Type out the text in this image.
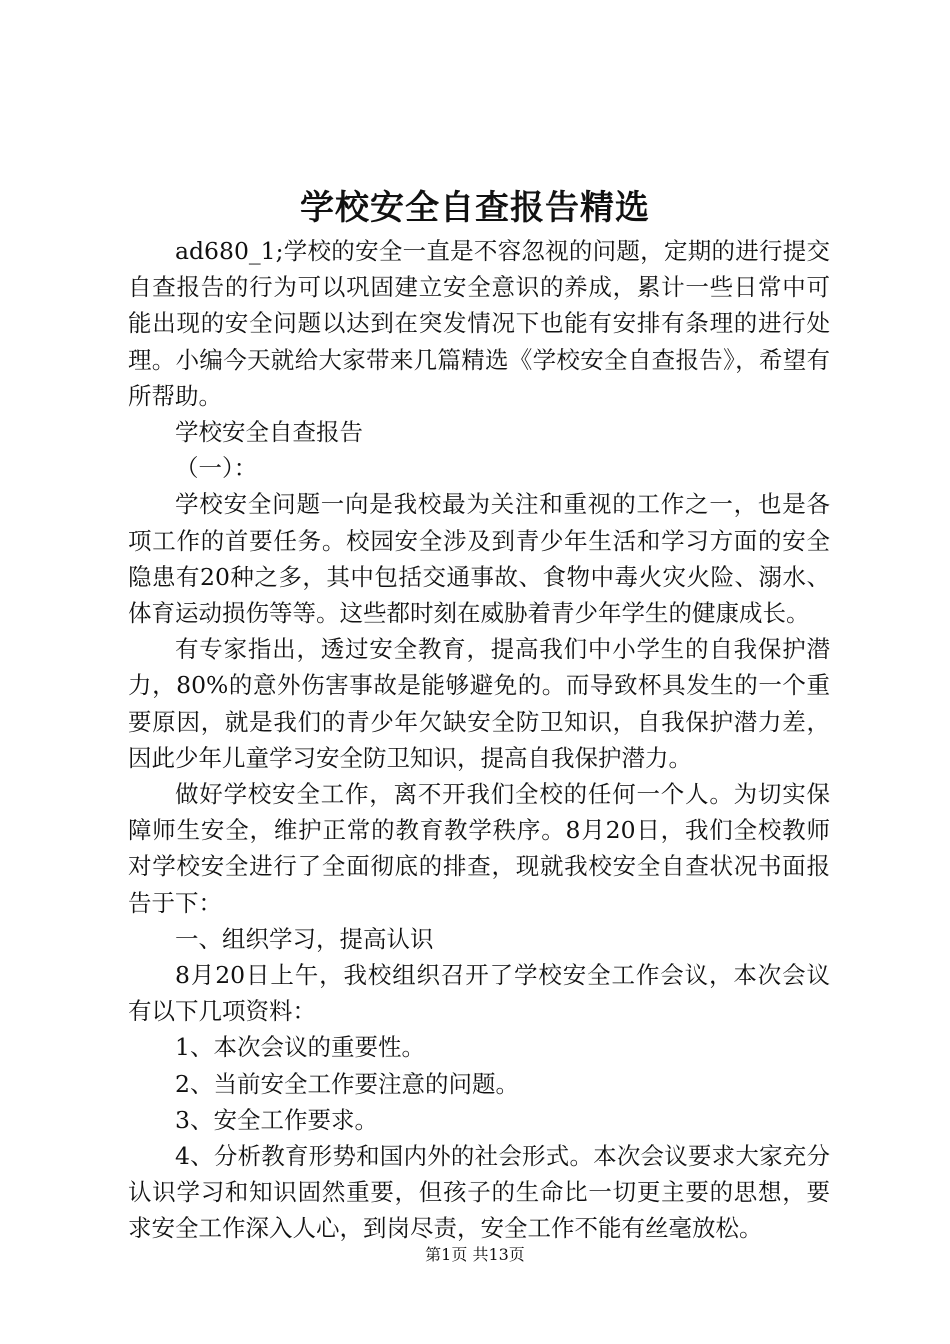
学校安全自查报告精选

ad680_1;学校的安全一直是不容忽视的问题，定期的进行提交自查报告的行为可以巩固建立安全意识的养成，累计一些日常中可能出现的安全问题以达到在突发情况下也能有安排有条理的进行处理。小编今天就给大家带来几篇精选《学校安全自查报告》，希望有所帮助。

学校安全自查报告

（一）：

学校安全问题一向是我校最为关注和重视的工作之一，也是各项工作的首要任务。校园安全涉及到青少年生活和学习方面的安全隐患有20种之多，其中包括交通事故、食物中毒火灾火险、溺水、体育运动损伤等等。这些都时刻在威胁着青少年学生的健康成长。

有专家指出，透过安全教育，提高我们中小学生的自我保护潜力，80%的意外伤害事故是能够避免的。而导致杯具发生的一个重要原因，就是我们的青少年欠缺安全防卫知识，自我保护潜力差，因此少年儿童学习安全防卫知识，提高自我保护潜力。

做好学校安全工作，离不开我们全校的任何一个人。为切实保障师生安全，维护正常的教育教学秩序。8月20日，我们全校教师对学校安全进行了全面彻底的排查，现就我校安全自查状况书面报告于下：

一、组织学习，提高认识

8月20日上午，我校组织召开了学校安全工作会议，本次会议有以下几项资料：

1、本次会议的重要性。

2、当前安全工作要注意的问题。

3、安全工作要求。

4、分析教育形势和国内外的社会形式。本次会议要求大家充分认识学习和知识固然重要，但孩子的生命比一切更主要的思想，要求安全工作深入人心，到岗尽责，安全工作不能有丝毫放松。

第1页 共13页
